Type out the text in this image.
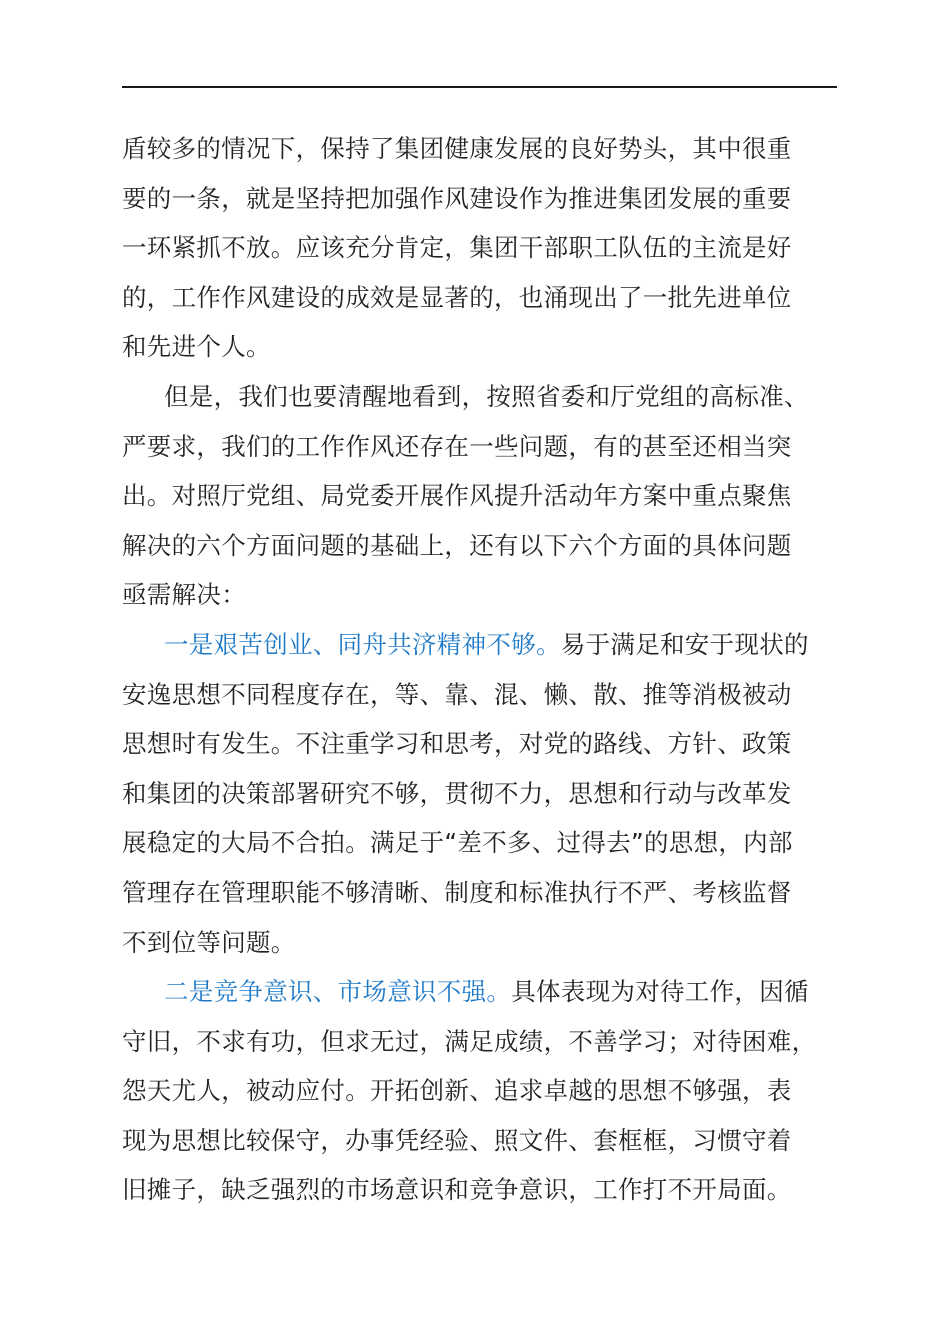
盾较多的情况下，保持了集团健康发展的良好势头，其中很重
要的一条，就是坚持把加强作风建设作为推进集团发展的重要
一环紧抓不放。应该充分肯定，集团干部职工队伍的主流是好
的，工作作风建设的成效是显著的，也涌现出了一批先进单位
和先进个人。
但是，我们也要清醒地看到，按照省委和厅党组的高标准、
严要求，我们的工作作风还存在一些问题，有的甚至还相当突
出。对照厅党组、局党委开展作风提升活动年方案中重点聚焦
解决的六个方面问题的基础上，还有以下六个方面的具体问题
亟需解决：
一是艰苦创业、同舟共济精神不够。易于满足和安于现状的
安逸思想不同程度存在，等、靠、混、懒、散、推等消极被动
思想时有发生。不注重学习和思考，对党的路线、方针、政策
和集团的决策部署研究不够，贯彻不力，思想和行动与改革发
展稳定的大局不合拍。满足于“差不多、过得去”的思想，内部
管理存在管理职能不够清晰、制度和标准执行不严、考核监督
不到位等问题。
二是竞争意识、市场意识不强。具体表现为对待工作，因循
守旧，不求有功，但求无过，满足成绩，不善学习；对待困难，
怨天尤人，被动应付。开拓创新、追求卓越的思想不够强，表
现为思想比较保守，办事凭经验、照文件、套框框，习惯守着
旧摊子，缺乏强烈的市场意识和竞争意识，工作打不开局面。
